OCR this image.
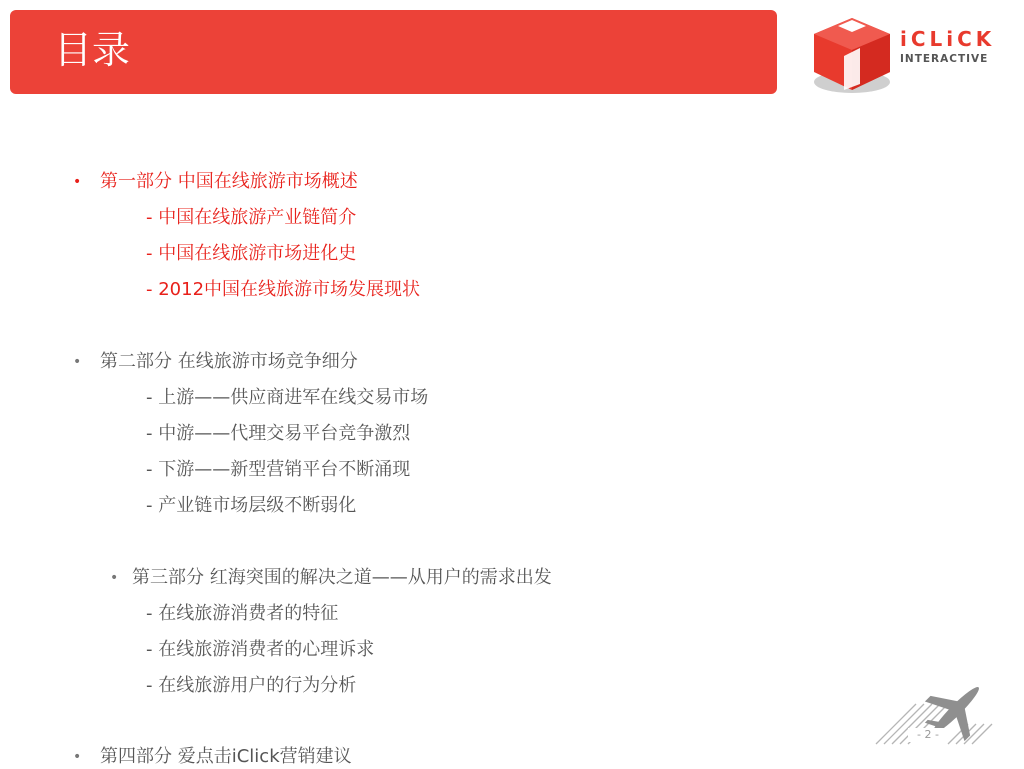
目录	iCLiCK
INTERACTIVE
• 第一部分 中国在线旅游市场概述
- 中国在线旅游产业链简介
- 中国在线旅游市场进化史
- 2012中国在线旅游市场发展现状
• 第二部分 在线旅游市场竞争细分
- 上游——供应商进军在线交易市场
- 中游——代理交易平台竞争激烈
- 下游——新型营销平台不断涌现
- 产业链市场层级不断弱化
• 第三部分 红海突围的解决之道——从用户的需求出发
- 在线旅游消费者的特征
- 在线旅游消费者的心理诉求
- 在线旅游用户的行为分析
• 第四部分 爱点击iClick营销建议
- 2 -
